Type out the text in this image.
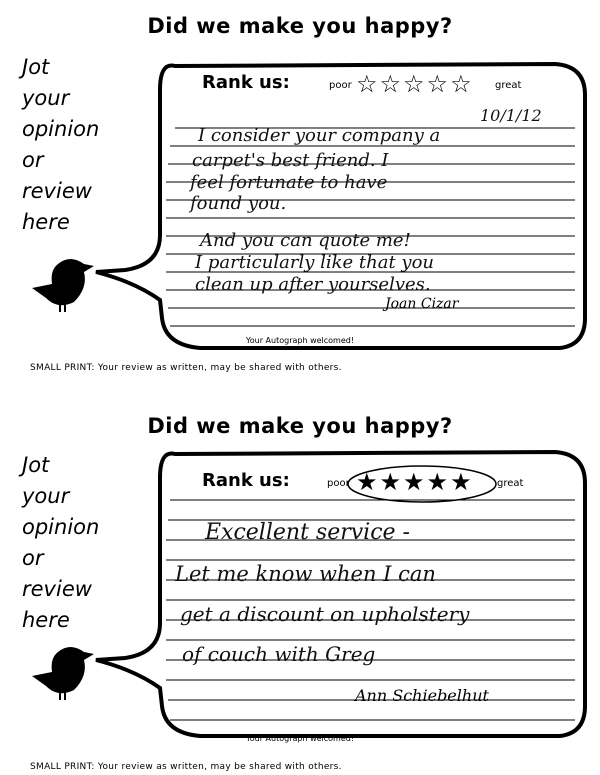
Did we make you happy?
Jot
your
opinion
or
review
here
Rank us:	poor ☆ ☆ ☆ ☆ ☆ great
10/1/12
I consider your company a
carpet's best friend. I
feel fortunate to have
found you.
And you can quote me!
I particularly like that you
clean up after yourselves.
Joan Cizar
Your Autograph welcomed!
SMALL PRINT: Your review as written, may be shared with others.
Did we make you happy?
Jot
your
opinion
or
review
here
Rank us:	poor ★ ★ ★ ★ ★	great
Excellent service -
Let me know when I can
get a discount on upholstery
of couch with Greg
Ann Schiebelhut
Your Autograph welcomed!
SMALL PRINT: Your review as written, may be shared with others.
